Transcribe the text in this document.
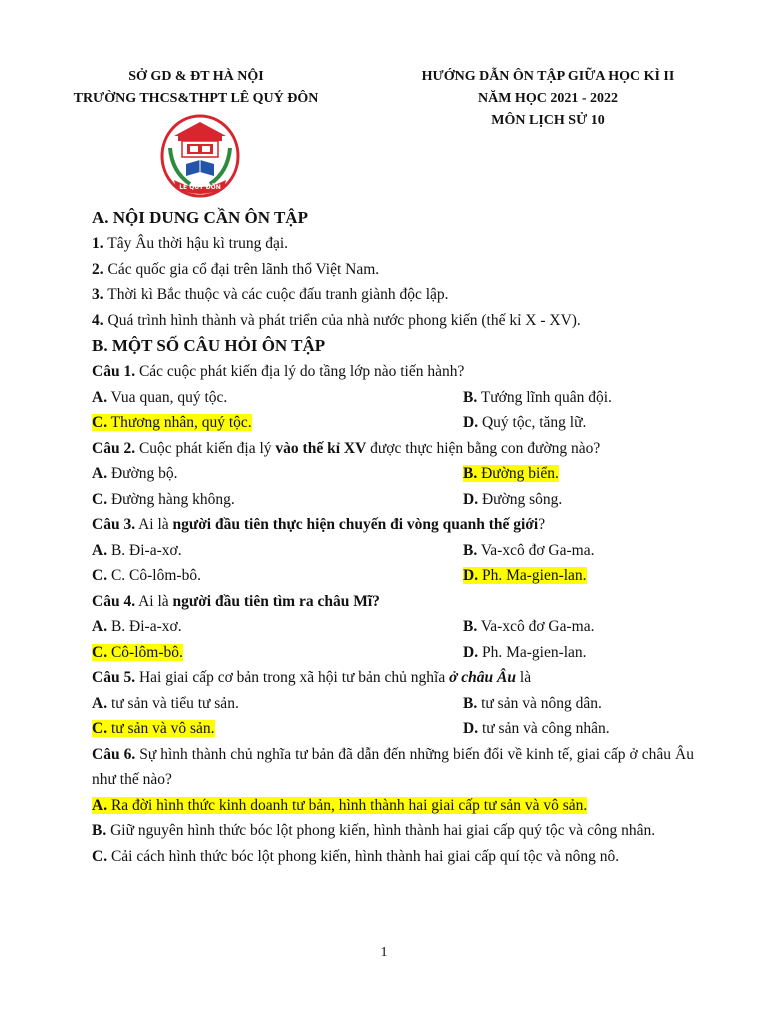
SỞ GD & ĐT HÀ NỘI
TRƯỜNG THCS&THPT LÊ QUÝ ĐÔN
HƯỚNG DẪN ÔN TẬP GIỮA HỌC KÌ II
NĂM HỌC 2021 - 2022
MÔN LỊCH SỬ 10
LÊ QUÝ ĐÔN
A. NỘI DUNG CẦN ÔN TẬP
1. Tây Âu thời hậu kì trung đại.
2. Các quốc gia cổ đại trên lãnh thổ Việt Nam.
3. Thời kì Bắc thuộc và các cuộc đấu tranh giành độc lập.
4. Quá trình hình thành và phát triển của nhà nước phong kiến (thế kỉ X - XV).
B. MỘT SỐ CÂU HỎI ÔN TẬP
Câu 1. Các cuộc phát kiến địa lý do tầng lớp nào tiến hành?
A. Vua quan, quý tộc.	B. Tướng lĩnh quân đội.
C. Thương nhân, quý tộc.	D. Quý tộc, tăng lữ.
Câu 2. Cuộc phát kiến địa lý vào thế kỉ XV được thực hiện bằng con đường nào?
A. Đường bộ.	B. Đường biển.
C. Đường hàng không.	D. Đường sông.
Câu 3. Ai là người đầu tiên thực hiện chuyến đi vòng quanh thế giới?
A. B. Đi-a-xơ.	B. Va-xcô đơ Ga-ma.
C. C. Cô-lôm-bô.	D. Ph. Ma-gien-lan.
Câu 4. Ai là người đầu tiên tìm ra châu Mĩ?
A. B. Đi-a-xơ.	B. Va-xcô đơ Ga-ma.
C. Cô-lôm-bô.	D. Ph. Ma-gien-lan.
Câu 5. Hai giai cấp cơ bản trong xã hội tư bản chủ nghĩa ở châu Âu là
A. tư sản và tiểu tư sản.	B. tư sản và nông dân.
C. tư sản và vô sản.	D. tư sản và công nhân.
Câu 6. Sự hình thành chủ nghĩa tư bản đã dẫn đến những biến đổi về kinh tế, giai cấp ở châu Âu như thế nào?
A. Ra đời hình thức kinh doanh tư bản, hình thành hai giai cấp tư sản và vô sản.
B. Giữ nguyên hình thức bóc lột phong kiến, hình thành hai giai cấp quý tộc và công nhân.
C. Cải cách hình thức bóc lột phong kiến, hình thành hai giai cấp quí tộc và nông nô.
1
